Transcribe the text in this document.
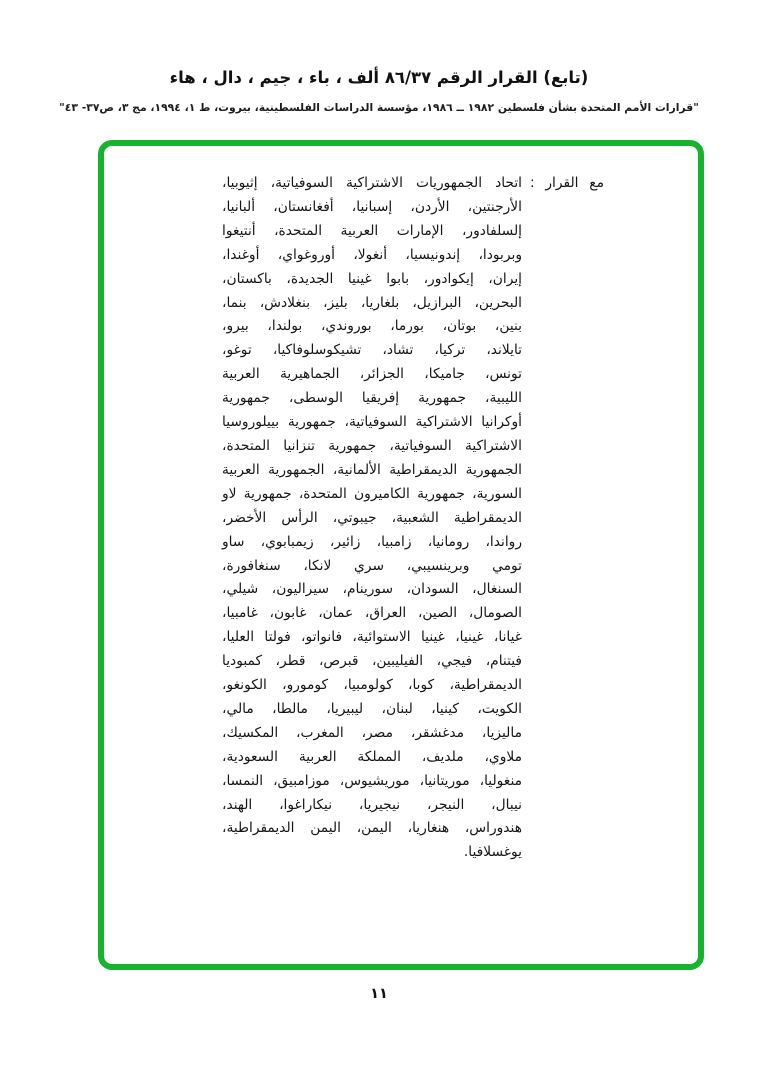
(تابع) القرار الرقم ٨٦/٣٧ ألف ، باء ، جيم ، دال ، هاء
"قرارات الأمم المتحدة بشأن فلسطين ١٩٨٢ ــ ١٩٨٦، مؤسسة الدراسات الفلسطينية، بيروت، ط ١، ١٩٩٤، مج ٣، ص٣٧- ٤٣"
مع القرار :
اتحاد الجمهوريات الاشتراكية السوفياتية، إثيوبيا،
الأرجنتين، الأردن، إسبانيا، أفغانستان، ألبانيا،
إلسلفادور، الإمارات العربية المتحدة، أنتيغوا
وبربودا، إندونيسيا، أنغولا، أوروغواي، أوغندا،
إيران، إيكوادور، بابوا غينيا الجديدة، باكستان،
البحرين، البرازيل، بلغاريا، بليز، بنغلادش، بنما،
بنين، بوتان، بورما، بوروندي، بولندا، بيرو،
تايلاند، تركيا، تشاد، تشيكوسلوفاكيا، توغو،
تونس، جاميكا، الجزائر، الجماهيرية العربية
الليبية، جمهورية إفريقيا الوسطى، جمهورية
أوكرانيا الاشتراكية السوفياتية، جمهورية بييلوروسيا
الاشتراكية السوفياتية، جمهورية تنزانيا المتحدة،
الجمهورية الديمقراطية الألمانية، الجمهورية العربية
السورية، جمهورية الكاميرون المتحدة، جمهورية لاو
الديمقراطية الشعبية، جيبوتي، الرأس الأخضر،
رواندا، رومانيا، زامبيا، زائير، زيمبابوي، ساو
تومي وبرينسيبي، سري لانكا، سنغافورة،
السنغال، السودان، سورينام، سيراليون، شيلي،
الصومال، الصين، العراق، عمان، غابون، غامبيا،
غيانا، غينيا، غينيا الاستوائية، فانواتو، فولتا العليا،
فيتنام، فيجي، الفيليبين، قبرص، قطر، كمبوديا
الديمقراطية، كوبا، كولومبيا، كومورو، الكونغو،
الكويت، كينيا، لبنان، ليبيريا، مالطا، مالي،
ماليزيا، مدغشقر، مصر، المغرب، المكسيك،
ملاوي، ملديف، المملكة العربية السعودية،
منغوليا، موريتانيا، موريشيوس، موزامبيق، النمسا،
نيبال، النيجر، نيجيريا، نيكاراغوا، الهند،
هندوراس، هنغاريا، اليمن، اليمن الديمقراطية،
يوغسلافيا.
١١
